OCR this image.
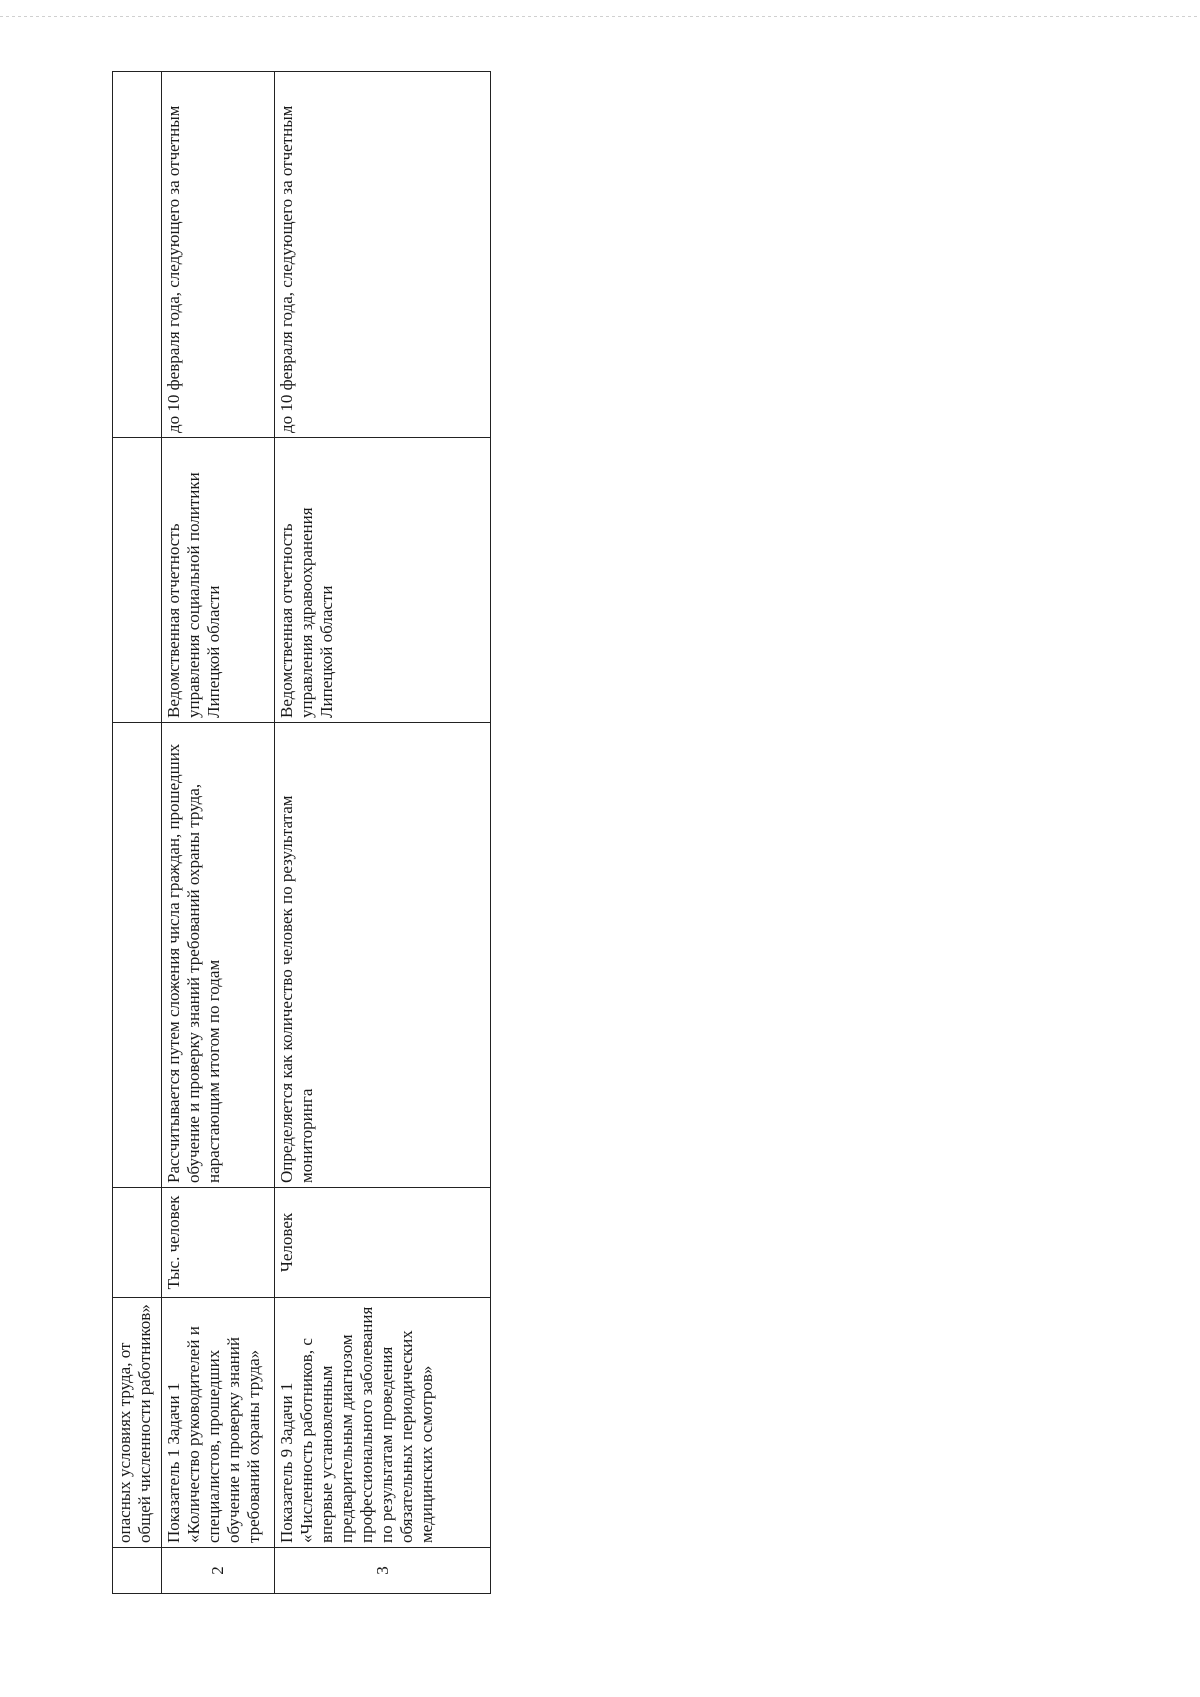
	опасных условиях труда, от общей численности работников»				
2	Показатель 1 Задачи 1 «Количество руководителей и специалистов, прошедших обучение и проверку знаний требований охраны труда»	Тыс. человек	Рассчитывается путем сложения числа граждан, прошедших обучение и проверку знаний требований охраны труда, нарастающим итогом по годам	Ведомственная отчетность управления социальной политики Липецкой области	до 10 февраля года, следующего за отчетным
3	Показатель 9 Задачи 1 «Численность работников, с впервые установленным предварительным диагнозом профессионального заболевания по результатам проведения обязательных периодических медицинских осмотров»	Человек	Определяется как количество человек по результатам мониторинга	Ведомственная отчетность управления здравоохранения Липецкой области	до 10 февраля года, следующего за отчетным
